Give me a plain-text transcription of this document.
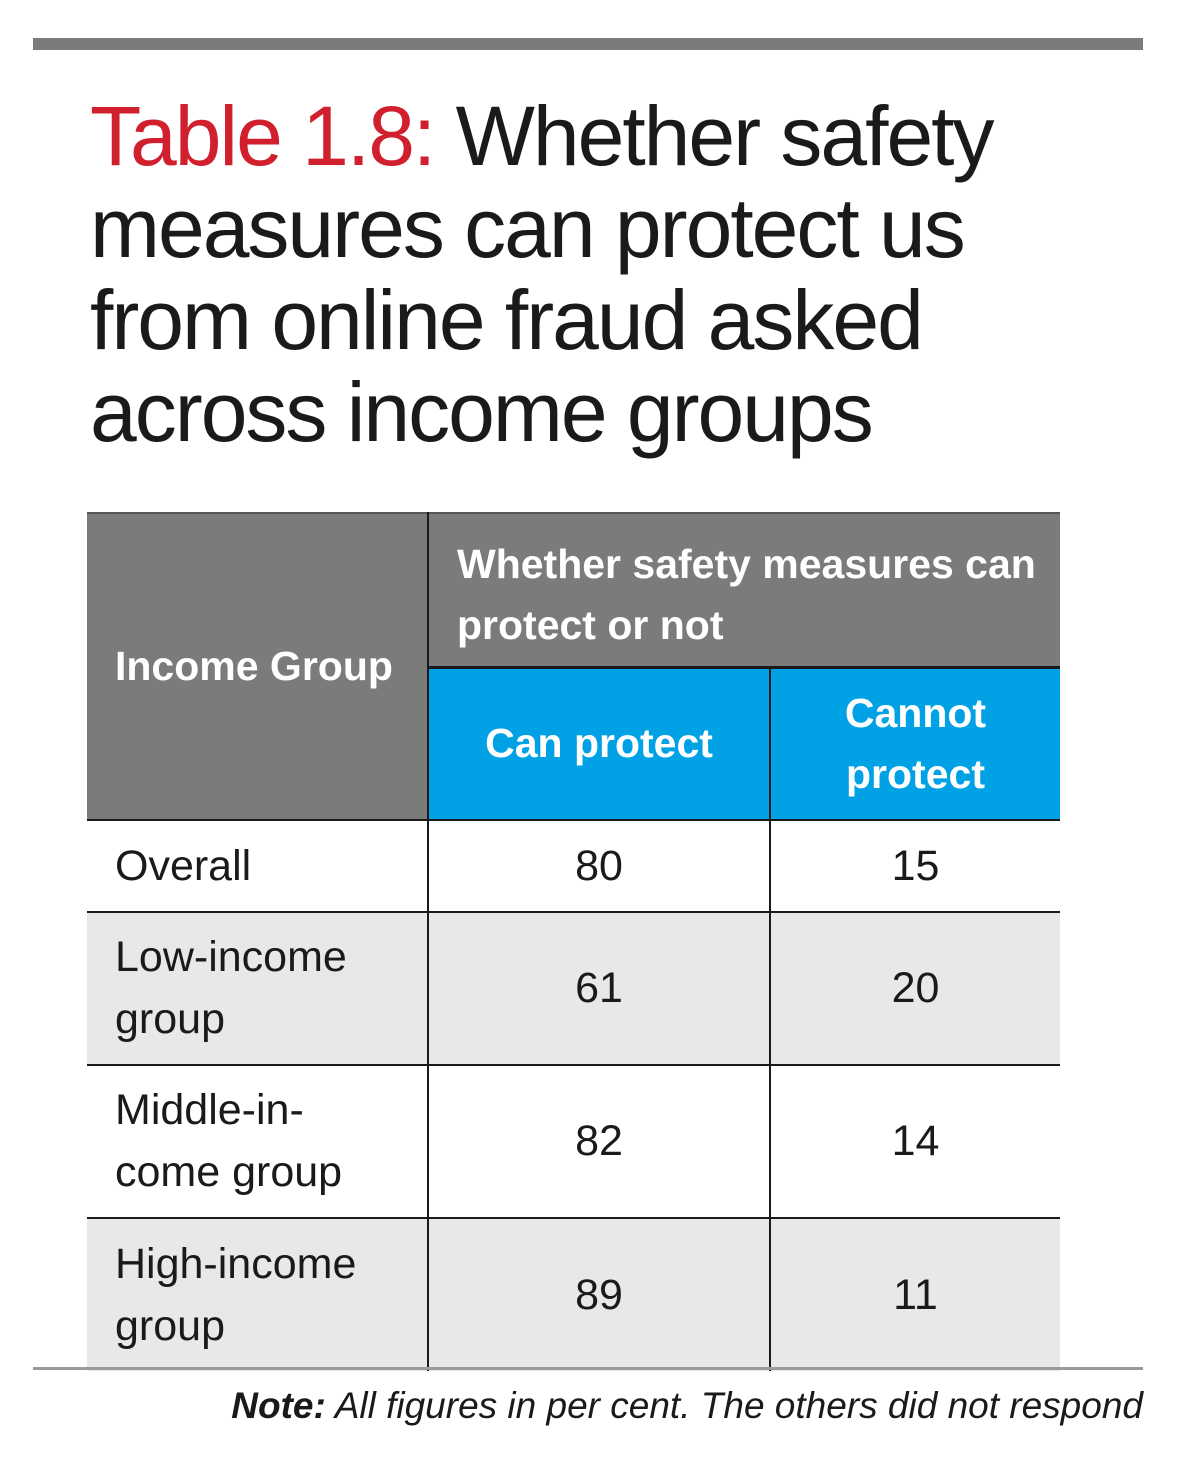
Table 1.8: Whether safety measures can protect us from online fraud asked across income groups
Income Group	Whether safety measures can protect or not	
	Can protect	Cannot protect
Overall	80	15
Low-income group	61	20
Middle-in-come group	82	14
High-income group	89	11

Note: All figures in per cent. The others did not respond
